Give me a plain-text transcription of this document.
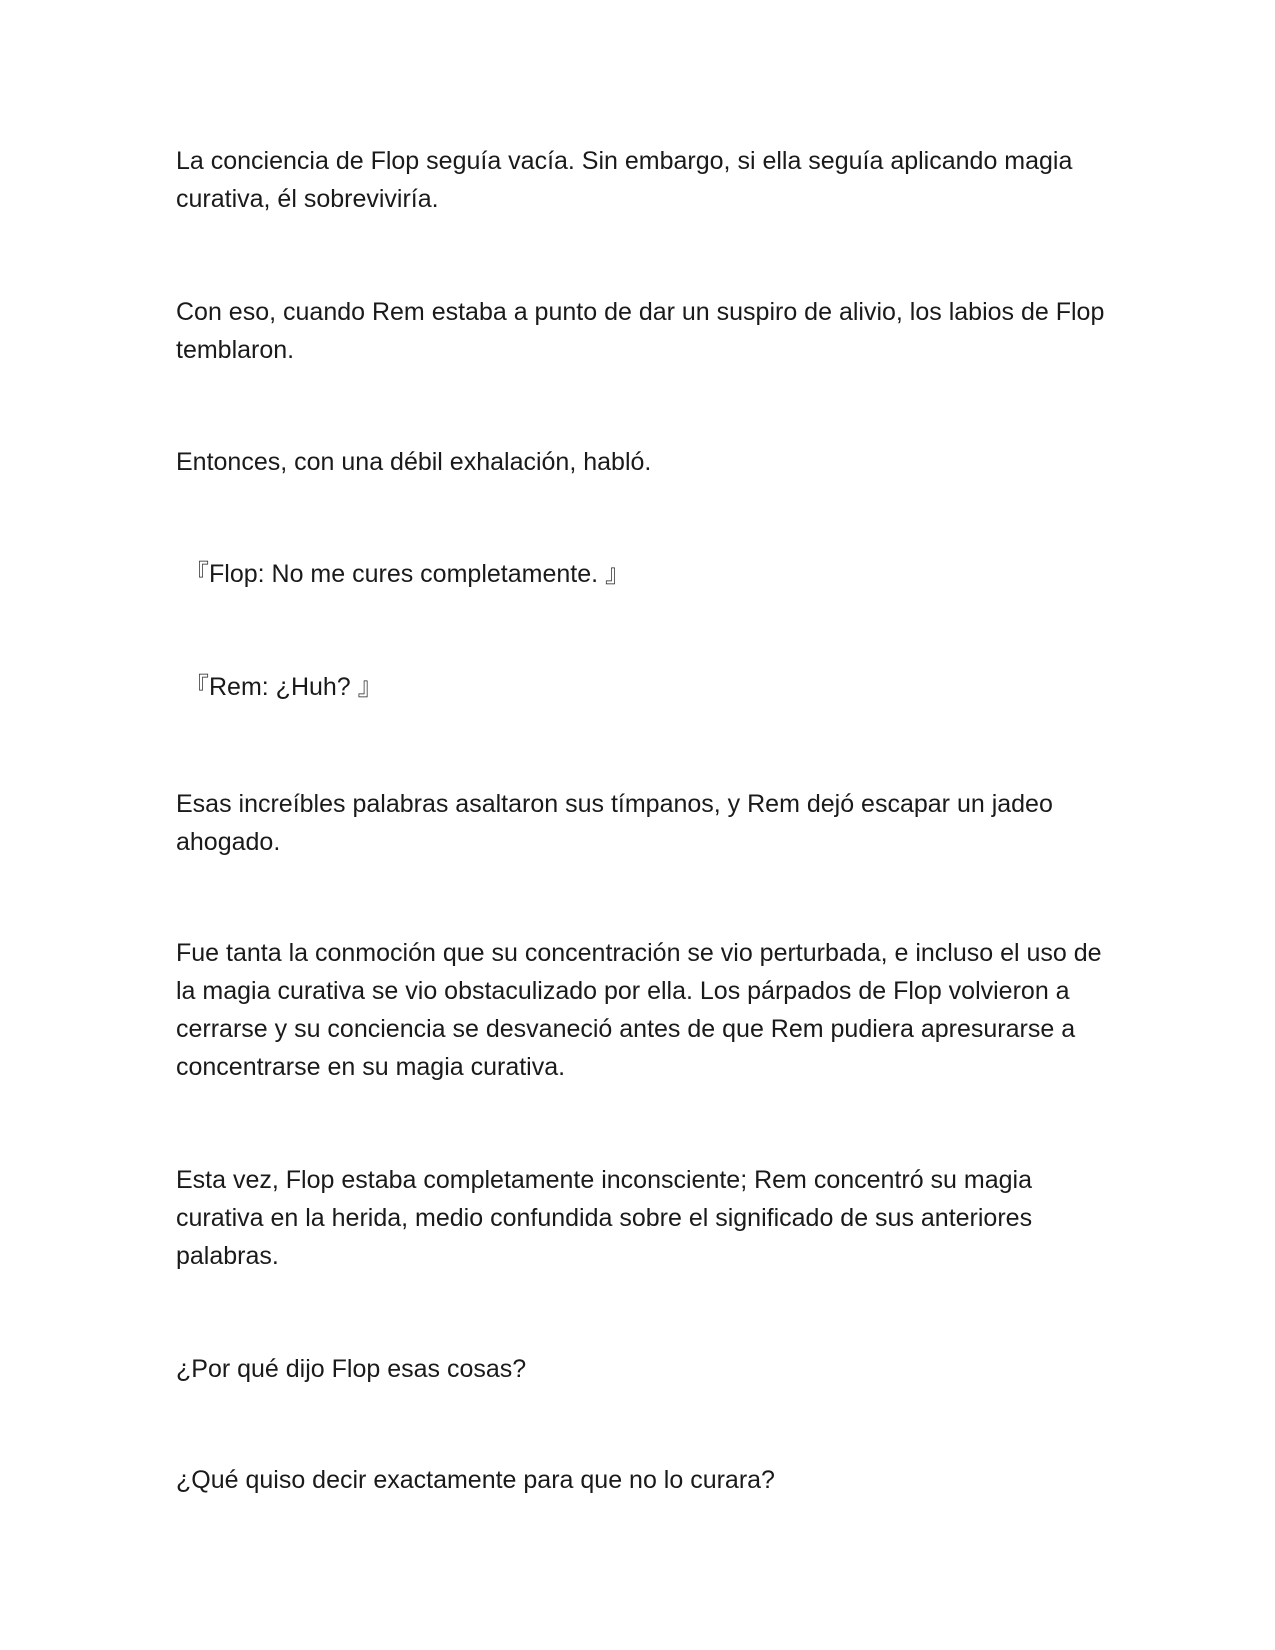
La conciencia de Flop seguía vacía. Sin embargo, si ella seguía aplicando magia curativa, él sobreviviría.

Con eso, cuando Rem estaba a punto de dar un suspiro de alivio, los labios de Flop temblaron.

Entonces, con una débil exhalación, habló.

『Flop: No me cures completamente. 』

『Rem: ¿Huh? 』

Esas increíbles palabras asaltaron sus tímpanos, y Rem dejó escapar un jadeo ahogado.

Fue tanta la conmoción que su concentración se vio perturbada, e incluso el uso de la magia curativa se vio obstaculizado por ella. Los párpados de Flop volvieron a cerrarse y su conciencia se desvaneció antes de que Rem pudiera apresurarse a concentrarse en su magia curativa.

Esta vez, Flop estaba completamente inconsciente; Rem concentró su magia curativa en la herida, medio confundida sobre el significado de sus anteriores palabras.

¿Por qué dijo Flop esas cosas?

¿Qué quiso decir exactamente para que no lo curara?
